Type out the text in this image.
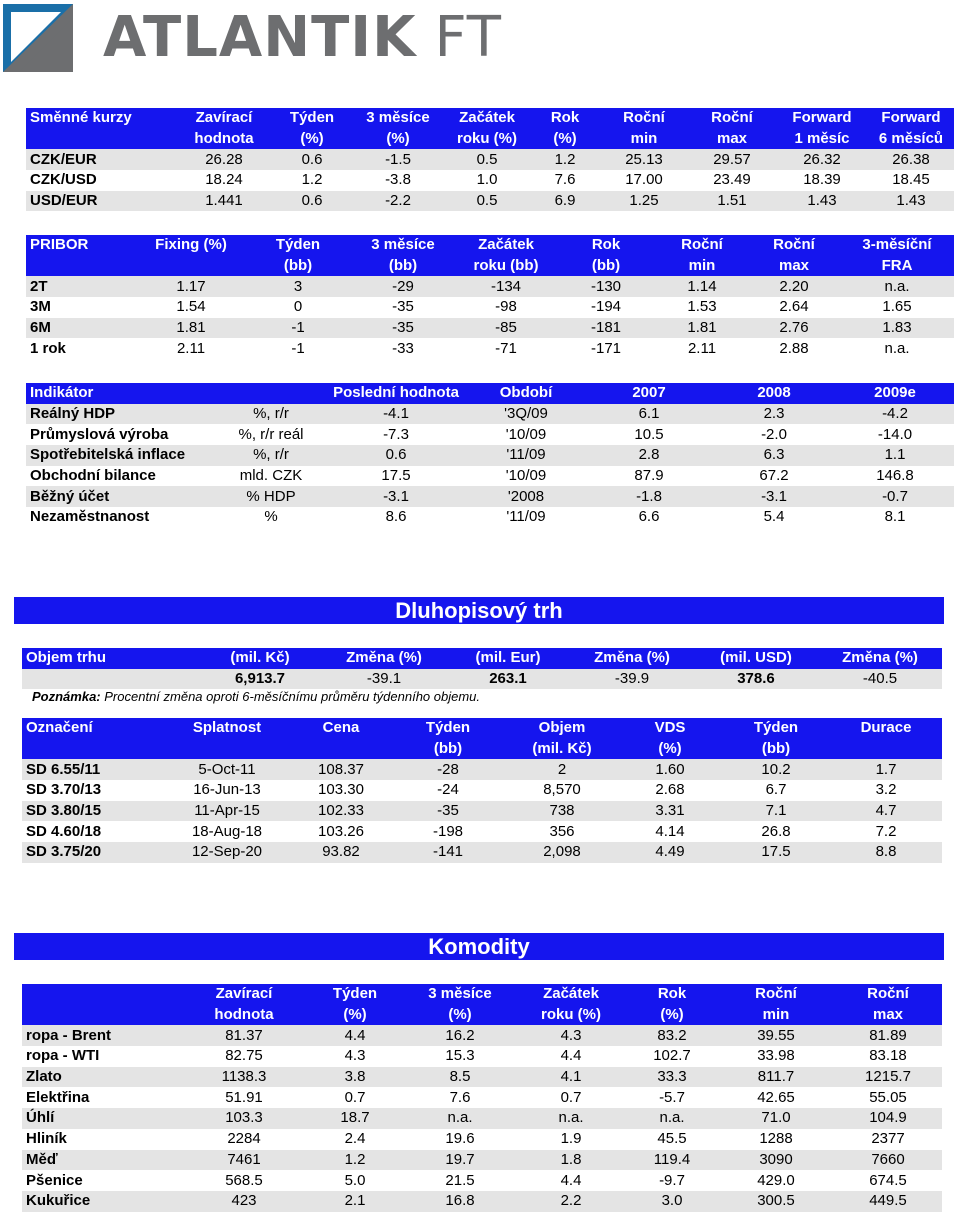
ATLANTIK FT
Směnné kurzy	Zavírací	Týden	3 měsíce	Začátek	Rok	Roční	Roční	Forward	Forward
	hodnota	(%)	(%)	roku (%)	(%)	min	max	1 měsíc	6 měsíců
CZK/EUR	26.28	0.6	-1.5	0.5	1.2	25.13	29.57	26.32	26.38
CZK/USD	18.24	1.2	-3.8	1.0	7.6	17.00	23.49	18.39	18.45
USD/EUR	1.441	0.6	-2.2	0.5	6.9	1.25	1.51	1.43	1.43
PRIBOR	Fixing (%)	Týden	3 měsíce	Začátek	Rok	Roční	Roční	3-měsíční
		(bb)	(bb)	roku (bb)	(bb)	min	max	FRA
2T	1.17	3	-29	-134	-130	1.14	2.20	n.a.
3M	1.54	0	-35	-98	-194	1.53	2.64	1.65
6M	1.81	-1	-35	-85	-181	1.81	2.76	1.83
1 rok	2.11	-1	-33	-71	-171	2.11	2.88	n.a.
Indikátor		Poslední hodnota	Období	2007	2008	2009e
Reálný HDP	%, r/r	-4.1	'3Q/09	6.1	2.3	-4.2
Průmyslová výroba	%, r/r reál	-7.3	'10/09	10.5	-2.0	-14.0
Spotřebitelská inflace	%, r/r	0.6	'11/09	2.8	6.3	1.1
Obchodní bilance	mld. CZK	17.5	'10/09	87.9	67.2	146.8
Běžný účet	% HDP	-3.1	'2008	-1.8	-3.1	-0.7
Nezaměstnanost	%	8.6	'11/09	6.6	5.4	8.1
Dluhopisový trh
Objem trhu	(mil. Kč)	Změna (%)	(mil. Eur)	Změna (%)	(mil. USD)	Změna (%)
	6,913.7	-39.1	263.1	-39.9	378.6	-40.5
Poznámka: Procentní změna oproti 6-měsíčnímu průměru týdenního objemu.
Označení	Splatnost	Cena	Týden	Objem	VDS	Týden	Durace
			(bb)	(mil. Kč)	(%)	(bb)	
SD 6.55/11	5-Oct-11	108.37	-28	2	1.60	10.2	1.7
SD 3.70/13	16-Jun-13	103.30	-24	8,570	2.68	6.7	3.2
SD 3.80/15	11-Apr-15	102.33	-35	738	3.31	7.1	4.7
SD 4.60/18	18-Aug-18	103.26	-198	356	4.14	26.8	7.2
SD 3.75/20	12-Sep-20	93.82	-141	2,098	4.49	17.5	8.8
Komodity
	Zavírací	Týden	3 měsíce	Začátek	Rok	Roční	Roční
	hodnota	(%)	(%)	roku (%)	(%)	min	max
ropa - Brent	81.37	4.4	16.2	4.3	83.2	39.55	81.89
ropa - WTI	82.75	4.3	15.3	4.4	102.7	33.98	83.18
Zlato	1138.3	3.8	8.5	4.1	33.3	811.7	1215.7
Elektřina	51.91	0.7	7.6	0.7	-5.7	42.65	55.05
Úhlí	103.3	18.7	n.a.	n.a.	n.a.	71.0	104.9
Hliník	2284	2.4	19.6	1.9	45.5	1288	2377
Měď	7461	1.2	19.7	1.8	119.4	3090	7660
Pšenice	568.5	5.0	21.5	4.4	-9.7	429.0	674.5
Kukuřice	423	2.1	16.8	2.2	3.0	300.5	449.5
